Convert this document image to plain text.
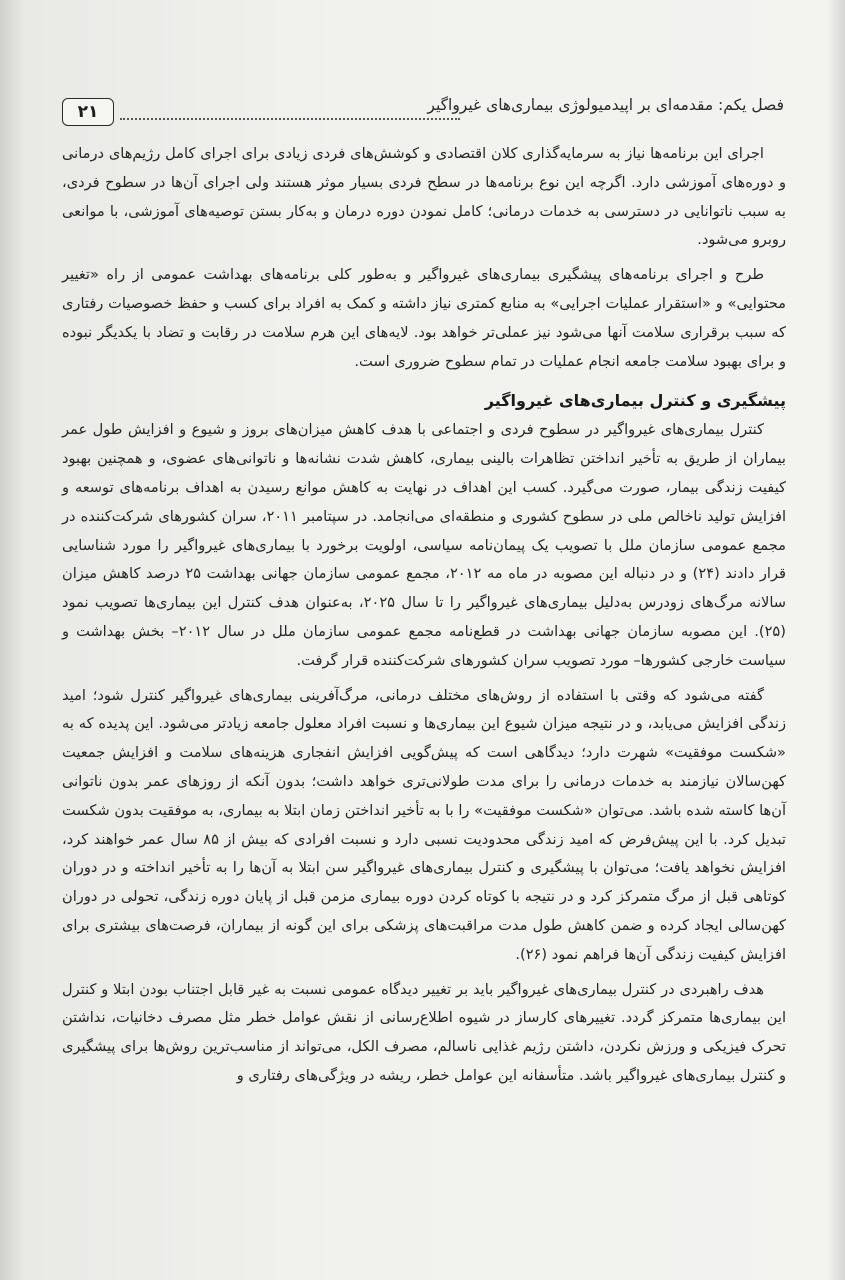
۲۱	فصل یکم: مقدمه‌ای بر اپیدمیولوژی بیماری‌های غیرواگیر

اجرای این برنامه‌ها نیاز به سرمایه‌گذاری کلان اقتصادی و کوشش‌های فردی زیادی برای اجرای کامل رژیم‌های درمانی و دوره‌های آموزشی دارد. اگرچه این نوع برنامه‌ها در سطح فردی بسیار موثر هستند ولی اجرای آن‌ها در سطوح فردی، به سبب ناتوانایی در دسترسی به خدمات درمانی؛ کامل نمودن دوره درمان و به‌کار بستن توصیه‌های آموزشی، با موانعی روبرو می‌شود.

طرح و اجرای برنامه‌های پیشگیری بیماری‌های غیرواگیر و به‌طور کلی برنامه‌های بهداشت عمومی از راه «تغییر محتوایی» و «استقرار عملیات اجرایی» به منابع کمتری نیاز داشته و کمک به افراد برای کسب و حفظ خصوصیات رفتاری که سبب برقراری سلامت آنها می‌شود نیز عملی‌تر خواهد بود. لایه‌های این هرم سلامت در رقابت و تضاد با یکدیگر نبوده و برای بهبود سلامت جامعه انجام عملیات در تمام سطوح ضروری است.

پیشگیری و کنترل بیماری‌های غیرواگیر

کنترل بیماری‌های غیرواگیر در سطوح فردی و اجتماعی با هدف کاهش میزان‌های بروز و شیوع و افزایش طول عمر بیماران از طریق به تأخیر انداختن تظاهرات بالینی بیماری، کاهش شدت نشانه‌ها و ناتوانی‌های عضوی، و همچنین بهبود کیفیت زندگی بیمار، صورت می‌گیرد. کسب این اهداف در نهایت به کاهش موانع رسیدن به اهداف برنامه‌های توسعه و افزایش تولید ناخالص ملی در سطوح کشوری و منطقه‌ای می‌انجامد. در سپتامبر ۲۰۱۱، سران کشورهای شرکت‌کننده در مجمع عمومی سازمان ملل با تصویب یک پیمان‌نامه سیاسی، اولویت برخورد با بیماری‌های غیرواگیر را مورد شناسایی قرار دادند (۲۴) و در دنباله این مصوبه در ماه مه ۲۰۱۲، مجمع عمومی سازمان جهانی بهداشت ۲۵ درصد کاهش میزان سالانه مرگ‌های زودرس به‌دلیل بیماری‌های غیرواگیر را تا سال ۲۰۲۵، به‌عنوان هدف کنترل این بیماری‌ها تصویب نمود (۲۵). این مصوبه سازمان جهانی بهداشت در قطع‌نامه مجمع عمومی سازمان ملل در سال ۲۰۱۲– بخش بهداشت و سیاست خارجی کشورها– مورد تصویب سران کشورهای شرکت‌کننده قرار گرفت.

گفته می‌شود که وقتی با استفاده از روش‌های مختلف درمانی، مرگ‌آفرینی بیماری‌های غیرواگیر کنترل شود؛ امید زندگی افزایش می‌یابد، و در نتیجه میزان شیوع این بیماری‌ها و نسبت افراد معلول جامعه زیادتر می‌شود. این پدیده که به «شکست موفقیت» شهرت دارد؛ دیدگاهی است که پیش‌گویی افزایش انفجاری هزینه‌های سلامت و افزایش جمعیت کهن‌سالان نیازمند به خدمات درمانی را برای مدت طولانی‌تری خواهد داشت؛ بدون آنکه از روزهای عمر بدون ناتوانی آن‌ها کاسته شده باشد. می‌توان «شکست موفقیت» را با به تأخیر انداختن زمان ابتلا به بیماری، به موفقیت بدون شکست تبدیل کرد. با این پیش‌فرض که امید زندگی محدودیت نسبی دارد و نسبت افرادی که بیش از ۸۵ سال عمر خواهند کرد، افزایش نخواهد یافت؛ می‌توان با پیشگیری و کنترل بیماری‌های غیرواگیر سن ابتلا به آن‌ها را به تأخیر انداخته و در دوران کوتاهی قبل از مرگ متمرکز کرد و در نتیجه با کوتاه کردن دوره بیماری مزمن قبل از پایان دوره زندگی، تحولی در دوران کهن‌سالی ایجاد کرده و ضمن کاهش طول مدت مراقبت‌های پزشکی برای این گونه از بیماران، فرصت‌های بیشتری برای افزایش کیفیت زندگی آن‌ها فراهم نمود (۲۶).

هدف راهبردی در کنترل بیماری‌های غیرواگیر باید بر تغییر دیدگاه عمومی نسبت به غیر قابل اجتناب بودن ابتلا و کنترل این بیماری‌ها متمرکز گردد. تغییرهای کارساز در شیوه اطلاع‌رسانی از نقش عوامل خطر مثل مصرف دخانیات، نداشتن تحرک فیزیکی و ورزش نکردن، داشتن رژیم غذایی ناسالم، مصرف الکل، می‌تواند از مناسب‌ترین روش‌ها برای پیشگیری و کنترل بیماری‌های غیرواگیر باشد. متأسفانه این عوامل خطر، ریشه در ویژگی‌های رفتاری و
